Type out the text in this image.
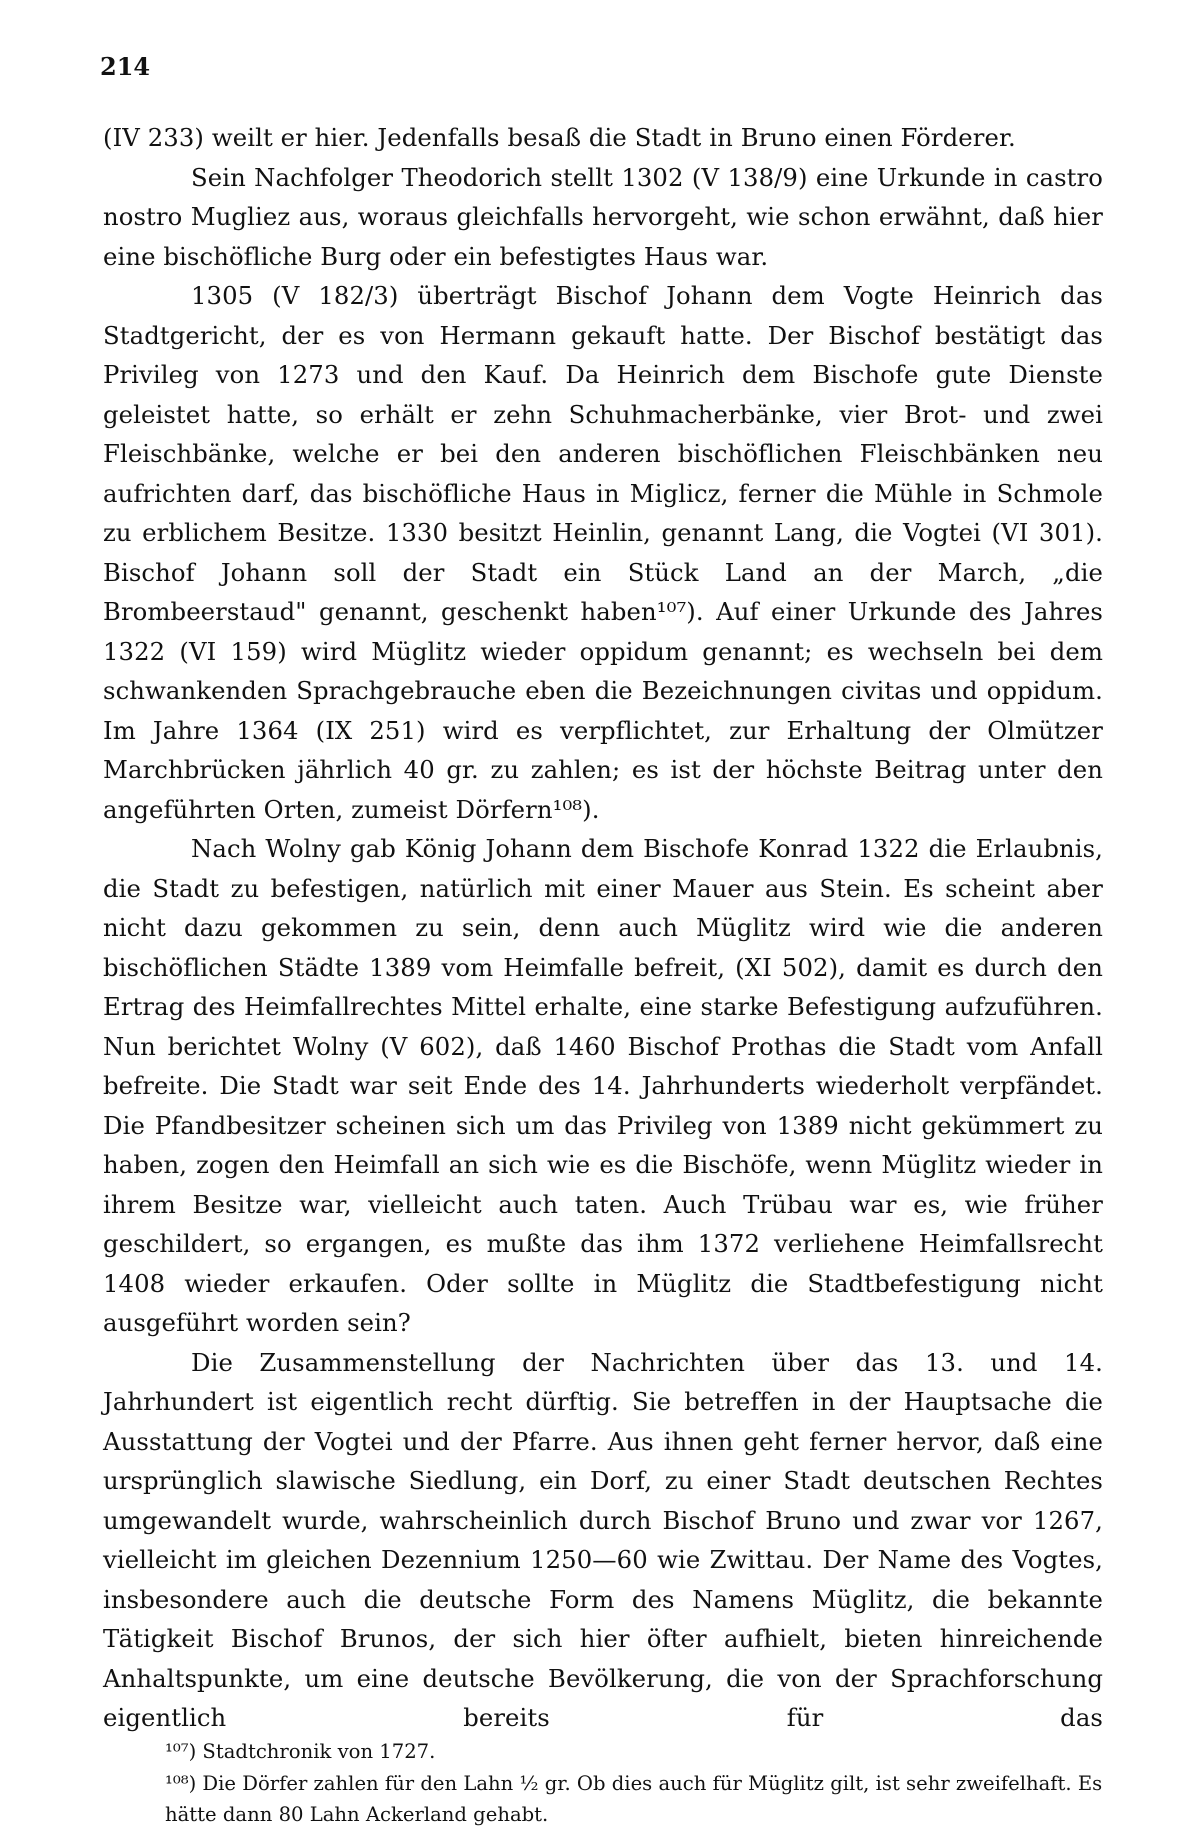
214

(IV 233) weilt er hier. Jedenfalls besaß die Stadt in Bruno einen Förderer.

Sein Nachfolger Theodorich stellt 1302 (V 138/9) eine Urkunde in castro nostro Mugliez aus, woraus gleichfalls hervorgeht, wie schon erwähnt, daß hier eine bischöfliche Burg oder ein befestigtes Haus war.

1305 (V 182/3) überträgt Bischof Johann dem Vogte Heinrich das Stadtgericht, der es von Hermann gekauft hatte. Der Bischof bestätigt das Privileg von 1273 und den Kauf. Da Heinrich dem Bischofe gute Dienste geleistet hatte, so erhält er zehn Schuhmacherbänke, vier Brot- und zwei Fleischbänke, welche er bei den anderen bischöflichen Fleischbänken neu aufrichten darf, das bischöfliche Haus in Miglicz, ferner die Mühle in Schmole zu erblichem Besitze. 1330 besitzt Heinlin, genannt Lang, die Vogtei (VI 301). Bischof Johann soll der Stadt ein Stück Land an der March, „die Brombeerstaud" genannt, geschenkt haben¹⁰⁷). Auf einer Urkunde des Jahres 1322 (VI 159) wird Müglitz wieder oppidum genannt; es wechseln bei dem schwankenden Sprachgebrauche eben die Bezeichnungen civitas und oppidum. Im Jahre 1364 (IX 251) wird es verpflichtet, zur Erhaltung der Olmützer Marchbrücken jährlich 40 gr. zu zahlen; es ist der höchste Beitrag unter den angeführten Orten, zumeist Dörfern¹⁰⁸).

Nach Wolny gab König Johann dem Bischofe Konrad 1322 die Erlaubnis, die Stadt zu befestigen, natürlich mit einer Mauer aus Stein. Es scheint aber nicht dazu gekommen zu sein, denn auch Müglitz wird wie die anderen bischöflichen Städte 1389 vom Heimfalle befreit, (XI 502), damit es durch den Ertrag des Heimfallrechtes Mittel erhalte, eine starke Befestigung aufzuführen. Nun berichtet Wolny (V 602), daß 1460 Bischof Prothas die Stadt vom Anfall befreite. Die Stadt war seit Ende des 14. Jahrhunderts wiederholt verpfändet. Die Pfandbesitzer scheinen sich um das Privileg von 1389 nicht gekümmert zu haben, zogen den Heimfall an sich wie es die Bischöfe, wenn Müglitz wieder in ihrem Besitze war, vielleicht auch taten. Auch Trübau war es, wie früher geschildert, so ergangen, es mußte das ihm 1372 verliehene Heimfallsrecht 1408 wieder erkaufen. Oder sollte in Müglitz die Stadtbefestigung nicht ausgeführt worden sein?

Die Zusammenstellung der Nachrichten über das 13. und 14. Jahrhundert ist eigentlich recht dürftig. Sie betreffen in der Hauptsache die Ausstattung der Vogtei und der Pfarre. Aus ihnen geht ferner hervor, daß eine ursprünglich slawische Siedlung, ein Dorf, zu einer Stadt deutschen Rechtes umgewandelt wurde, wahrscheinlich durch Bischof Bruno und zwar vor 1267, vielleicht im gleichen Dezennium 1250—60 wie Zwittau. Der Name des Vogtes, insbesondere auch die deutsche Form des Namens Müglitz, die bekannte Tätigkeit Bischof Brunos, der sich hier öfter aufhielt, bieten hinreichende Anhaltspunkte, um eine deutsche Bevölkerung, die von der Sprachforschung eigentlich bereits für das

¹⁰⁷) Stadtchronik von 1727.

¹⁰⁸) Die Dörfer zahlen für den Lahn ½ gr. Ob dies auch für Müglitz gilt, ist sehr zweifelhaft. Es hätte dann 80 Lahn Ackerland gehabt.
